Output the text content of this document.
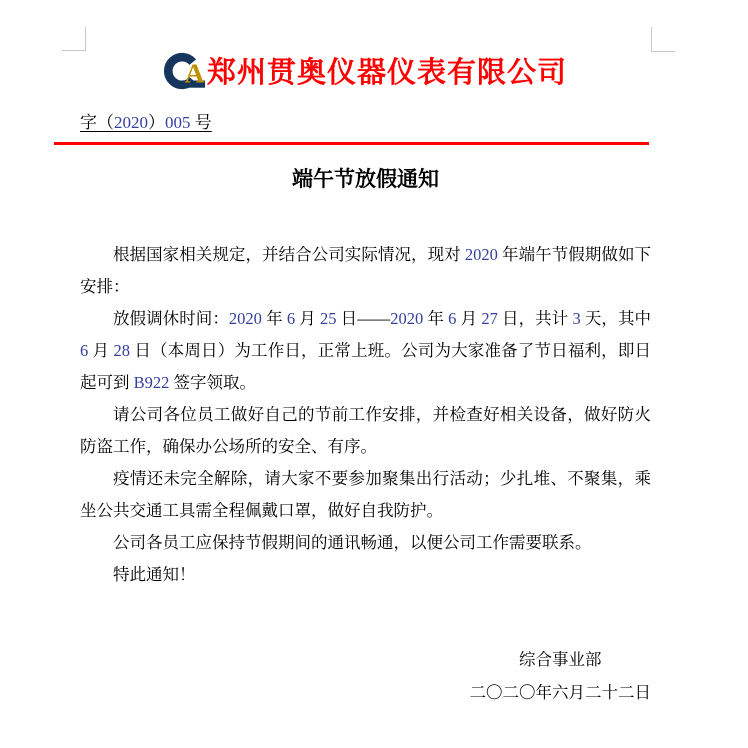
A 郑州贯奥仪器仪表有限公司
字（2020）005 号
端午节放假通知

根据国家相关规定，并结合公司实际情况，现对 2020 年端午节假期做如下安排：

放假调休时间：2020 年 6 月 25 日——2020 年 6 月 27 日，共计 3 天，其中 6 月 28 日（本周日）为工作日，正常上班。公司为大家准备了节日福利，即日起可到 B922 签字领取。

请公司各位员工做好自己的节前工作安排，并检查好相关设备，做好防火防盗工作，确保办公场所的安全、有序。

疫情还未完全解除，请大家不要参加聚集出行活动；少扎堆、不聚集，乘坐公共交通工具需全程佩戴口罩，做好自我防护。

公司各员工应保持节假期间的通讯畅通，以便公司工作需要联系。

特此通知！

综合事业部
二〇二〇年六月二十二日
